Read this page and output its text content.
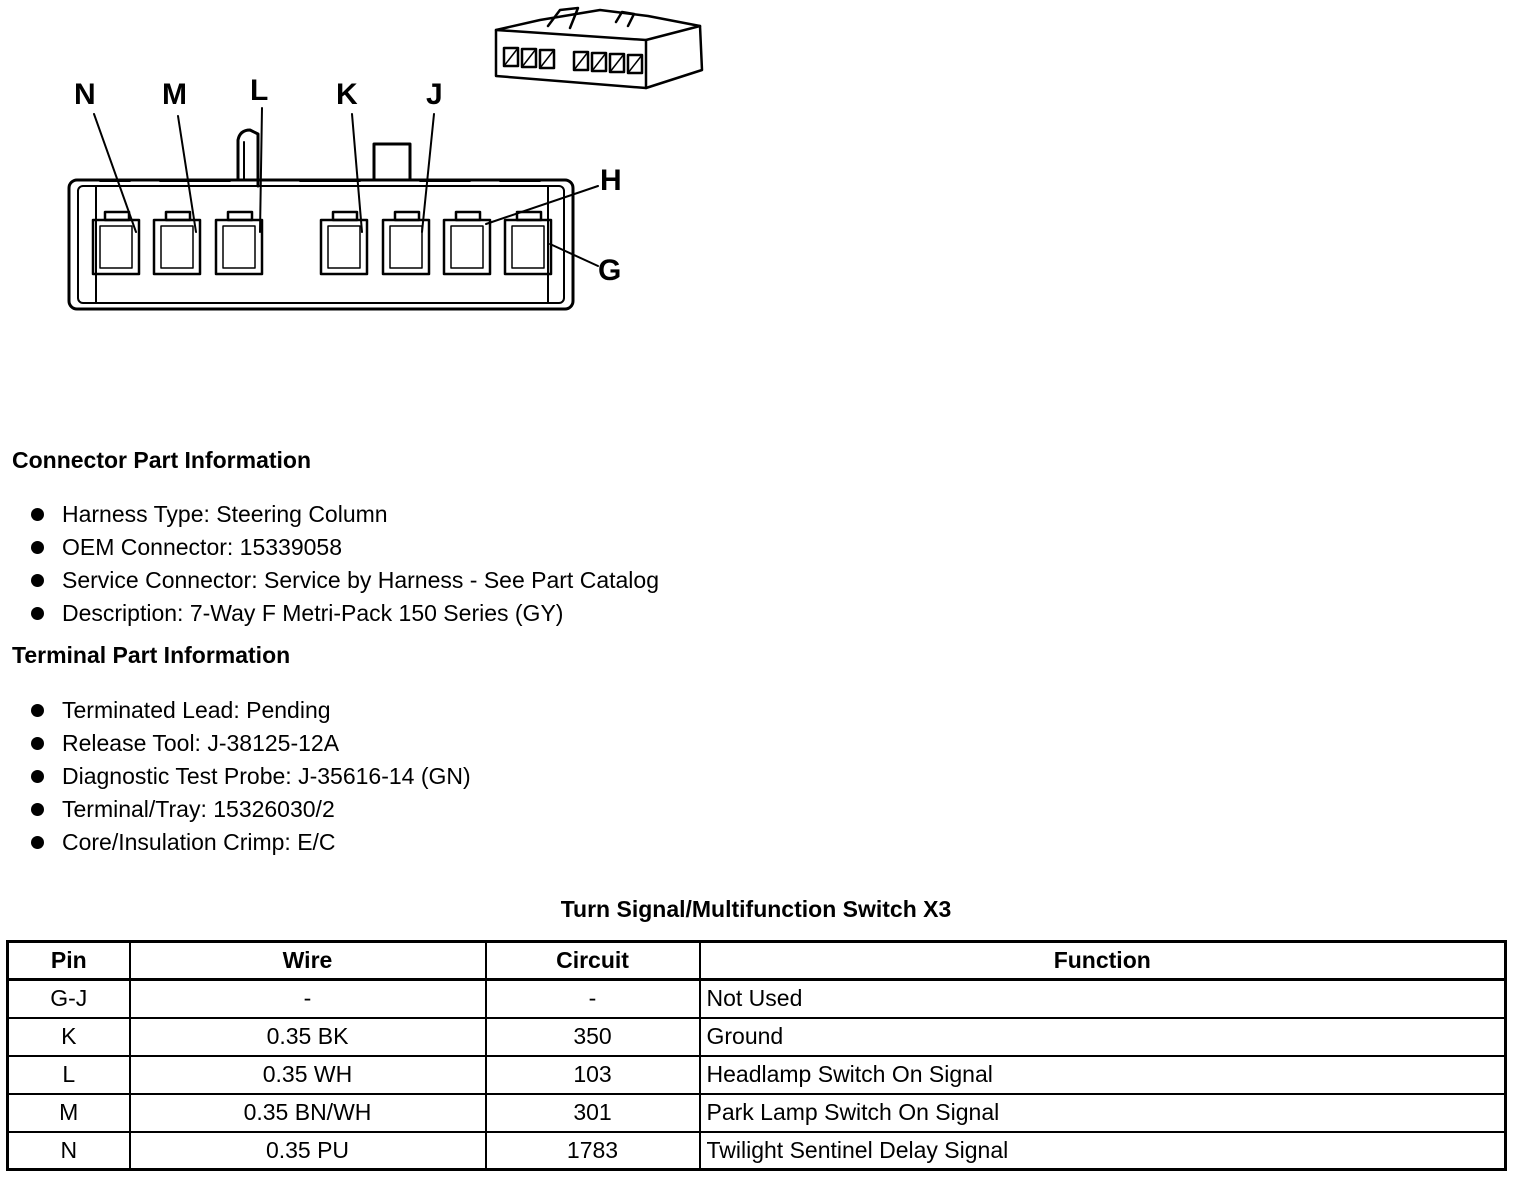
N M L K J
H
G
Connector Part Information
Harness Type: Steering Column
OEM Connector: 15339058
Service Connector: Service by Harness - See Part Catalog
Description: 7-Way F Metri-Pack 150 Series (GY)
Terminal Part Information
Terminated Lead: Pending
Release Tool: J-38125-12A
Diagnostic Test Probe: J-35616-14 (GN)
Terminal/Tray: 15326030/2
Core/Insulation Crimp: E/C
Turn Signal/Multifunction Switch X3
Pin	Wire	Circuit	Function
G-J	-	-	Not Used
K	0.35 BK	350	Ground
L	0.35 WH	103	Headlamp Switch On Signal
M	0.35 BN/WH	301	Park Lamp Switch On Signal
N	0.35 PU	1783	Twilight Sentinel Delay Signal
